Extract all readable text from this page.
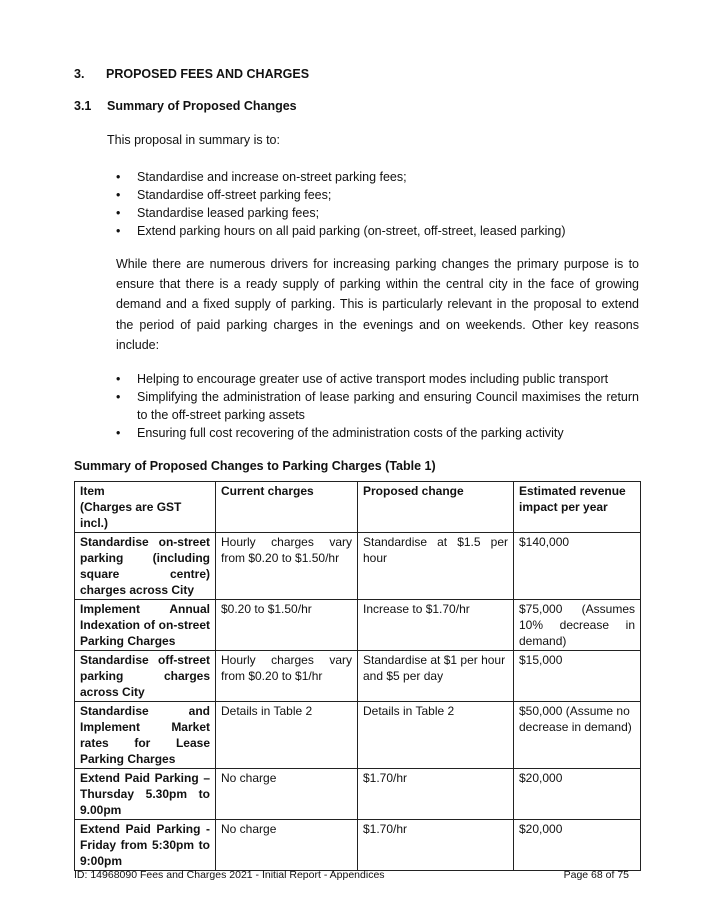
3. PROPOSED FEES AND CHARGES
3.1 Summary of Proposed Changes
This proposal in summary is to:
• Standardise and increase on-street parking fees;
• Standardise off-street parking fees;
• Standardise leased parking fees;
• Extend parking hours on all paid parking (on-street, off-street, leased parking)
While there are numerous drivers for increasing parking changes the primary purpose is to ensure that there is a ready supply of parking within the central city in the face of growing demand and a fixed supply of parking. This is particularly relevant in the proposal to extend the period of paid parking charges in the evenings and on weekends. Other key reasons include:
• Helping to encourage greater use of active transport modes including public transport
• Simplifying the administration of lease parking and ensuring Council maximises the return to the off-street parking assets
• Ensuring full cost recovering of the administration costs of the parking activity
Summary of Proposed Changes to Parking Charges (Table 1)
Item
(Charges are GST incl.)	Current charges	Proposed change	Estimated revenue impact per year
Standardise on-street parking (including square centre) charges across City	Hourly charges vary from $0.20 to $1.50/hr	Standardise at $1.5 per hour	$140,000
Implement Annual Indexation of on-street Parking Charges	$0.20 to $1.50/hr	Increase to $1.70/hr	$75,000 (Assumes 10% decrease in demand)
Standardise off-street parking charges across City	Hourly charges vary from $0.20 to $1/hr	Standardise at $1 per hour and $5 per day	$15,000
Standardise and Implement Market rates for Lease Parking Charges	Details in Table 2	Details in Table 2	$50,000 (Assume no decrease in demand)
Extend Paid Parking – Thursday 5.30pm to 9.00pm	No charge	$1.70/hr	$20,000
Extend Paid Parking - Friday from 5:30pm to 9:00pm	No charge	$1.70/hr	$20,000
ID: 14968090 Fees and Charges 2021 - Initial Report - Appendices	Page 68 of 75
